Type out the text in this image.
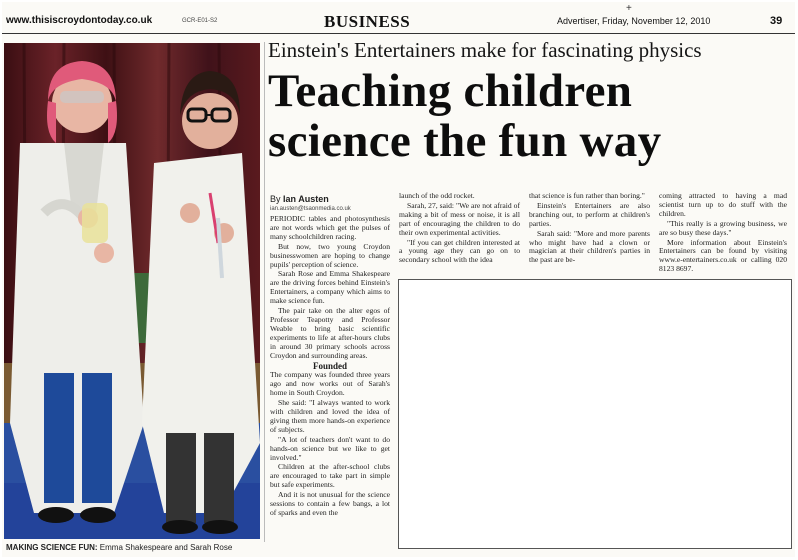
www.thisiscroydontoday.co.uk	GCR-E01-S2	BUSINESS
+
Advertiser, Friday, November 12, 2010	39
MAKING SCIENCE FUN: Emma Shakespeare and Sarah Rose
Einstein's Entertainers make for fascinating physics
Teaching children
science the fun way
By Ian Austen
ian.austen@tsaonmedia.co.uk

PERIODIC tables and photosynthesis are not words which get the pulses of many schoolchildren racing.

But now, two young Croydon businesswomen are hoping to change pupils' perception of science.

Sarah Rose and Emma Shakespeare are the driving forces behind Einstein's Entertainers, a company which aims to make science fun.

The pair take on the alter egos of Professor Teapotty and Professor Weable to bring basic scientific experiments to life at after-hours clubs in around 30 primary schools across Croydon and surrounding areas.

Founded

The company was founded three years ago and now works out of Sarah's home in South Croydon.

She said: "I always wanted to work with children and loved the idea of giving them more hands-on experience of subjects.

"A lot of teachers don't want to do hands-on science but we like to get involved."

Children at the after-school clubs are encouraged to take part in simple but safe experiments.

And it is not unusual for the science sessions to contain a few bangs, a lot of sparks and even the

launch of the odd rocket.

Sarah, 27, said: "We are not afraid of making a bit of mess or noise, it is all part of encouraging the children to do their own experimental activities.

"If you can get children interested at a young age they can go on to secondary school with the idea

that science is fun rather than boring."

Einstein's Entertainers are also branching out, to perform at children's parties.

Sarah said: "More and more parents who might have had a clown or magician at their children's parties in the past are be-

coming attracted to having a mad scientist turn up to do stuff with the children.

"This really is a growing business, we are so busy these days."

More information about Einstein's Entertainers can be found by visiting www.e-entertainers.co.uk or calling 020 8123 8697.
